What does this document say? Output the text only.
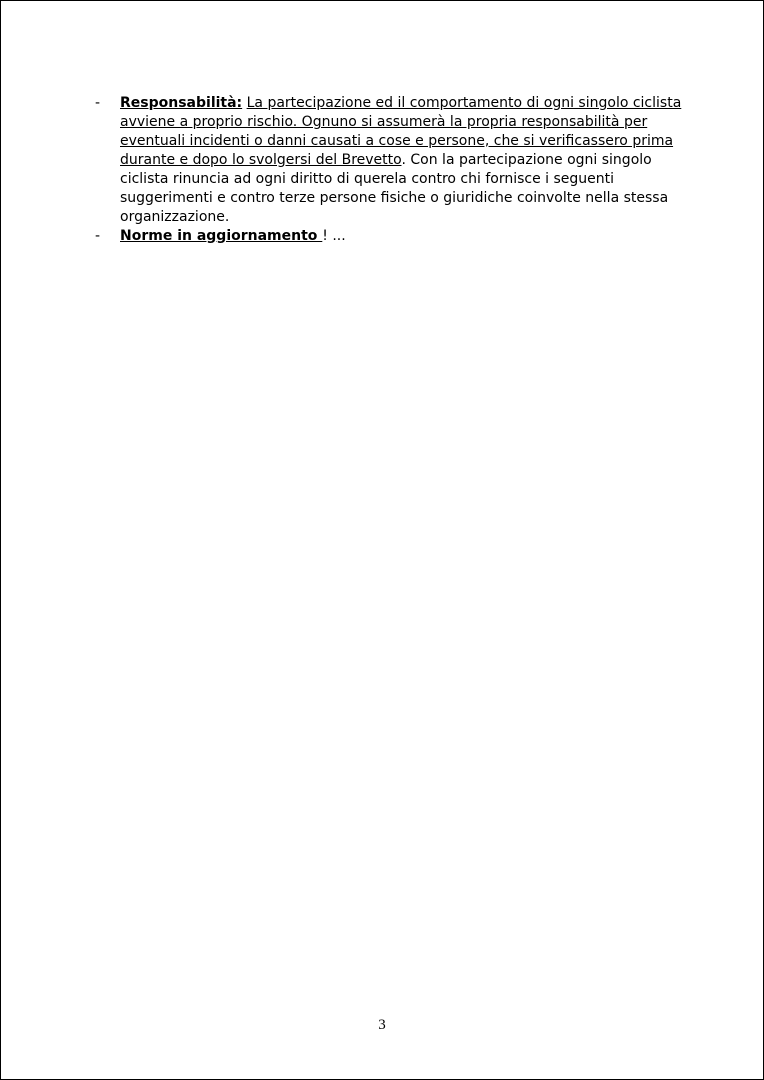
- Responsabilità: La partecipazione ed il comportamento di ogni singolo ciclista avviene a proprio rischio. Ognuno si assumerà la propria responsabilità per eventuali incidenti o danni causati a cose e persone, che si verificassero prima durante e dopo lo svolgersi del Brevetto. Con la partecipazione ogni singolo ciclista rinuncia ad ogni diritto di querela contro chi fornisce i seguenti suggerimenti e contro terze persone fisiche o giuridiche coinvolte nella stessa organizzazione.
- Norme in aggiornamento ! ...
3
